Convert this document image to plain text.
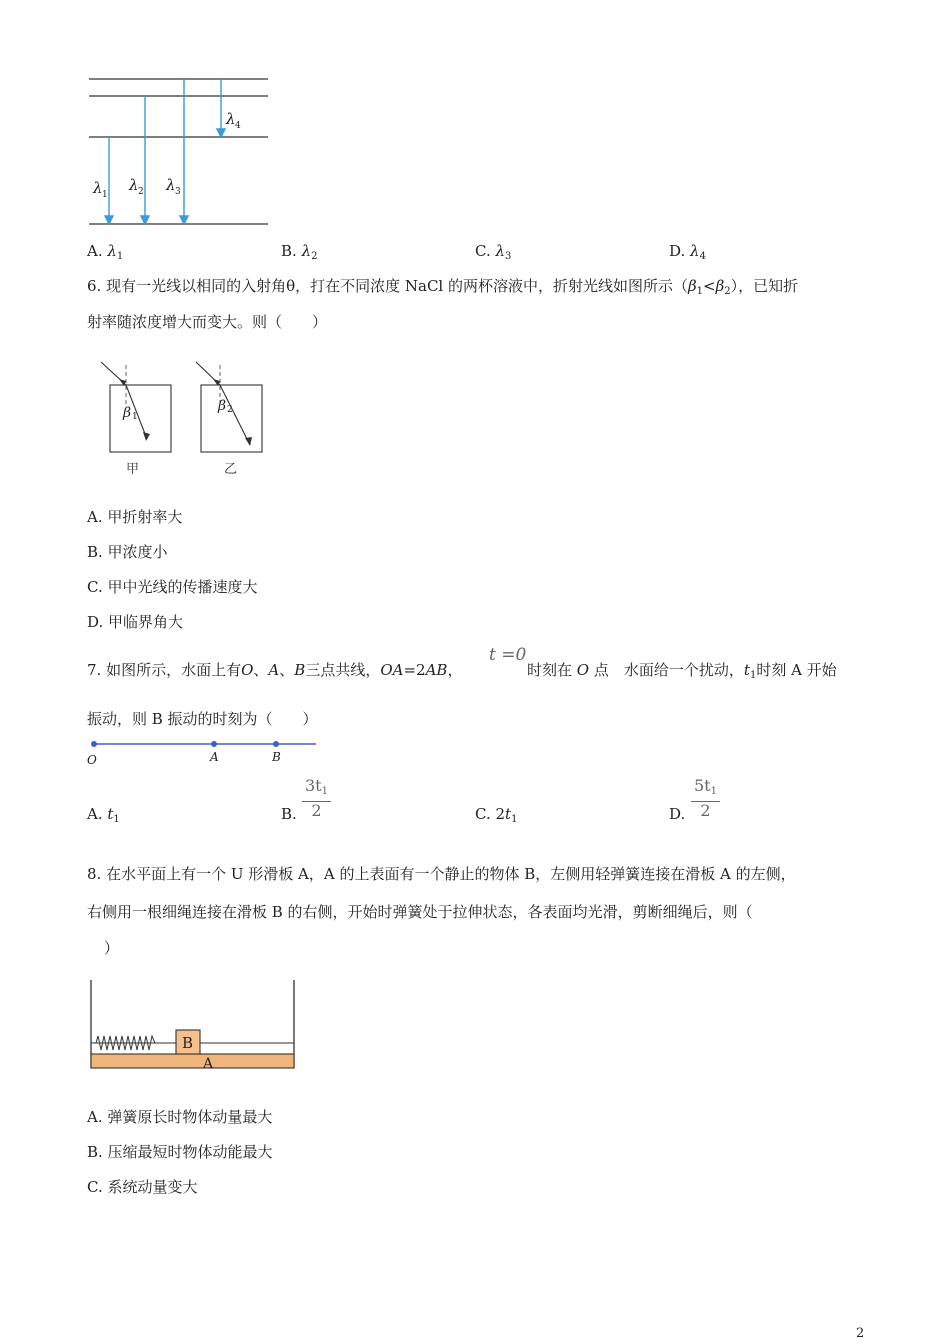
λ λ λ
λ
1	2	3
4
A. $\lambda_1$	B. $\lambda_2$	C. $\lambda_3$	D. $\lambda_4$
6. 现有一光线以相同的入射角θ，打在不同浓度 NaCl 的两杯溶液中，折射光线如图所示$(\beta_1<\beta_2)$，已知折
射率随浓度增大而变大。则（　　）
β 1
β 2
甲	乙
A. 甲折射率大
B. 甲浓度小
C. 甲中光线的传播速度大
D. 甲临界角大
7. 如图所示，水面上有O、A、B三点共线，OA=2AB，
t =0
时刻在 O 点　水面给一个扰动，$t_1$时刻 A 开始
振动，则 B 振动的时刻为（　　）
O	A	B
A. $t_1$	B. $\frac{3t_1}{2}$	C. $2t_1$	D. $\frac{5t_1}{2}$
8. 在水平面上有一个 U 形滑板 A，A 的上表面有一个静止的物体 B，左侧用轻弹簧连接在滑板 A 的左侧，
右侧用一根细绳连接在滑板 B 的右侧，开始时弹簧处于拉伸状态，各表面均光滑，剪断细绳后，则（
）
B
A
A. 弹簧原长时物体动量最大
B. 压缩最短时物体动能最大
C. 系统动量变大
2
